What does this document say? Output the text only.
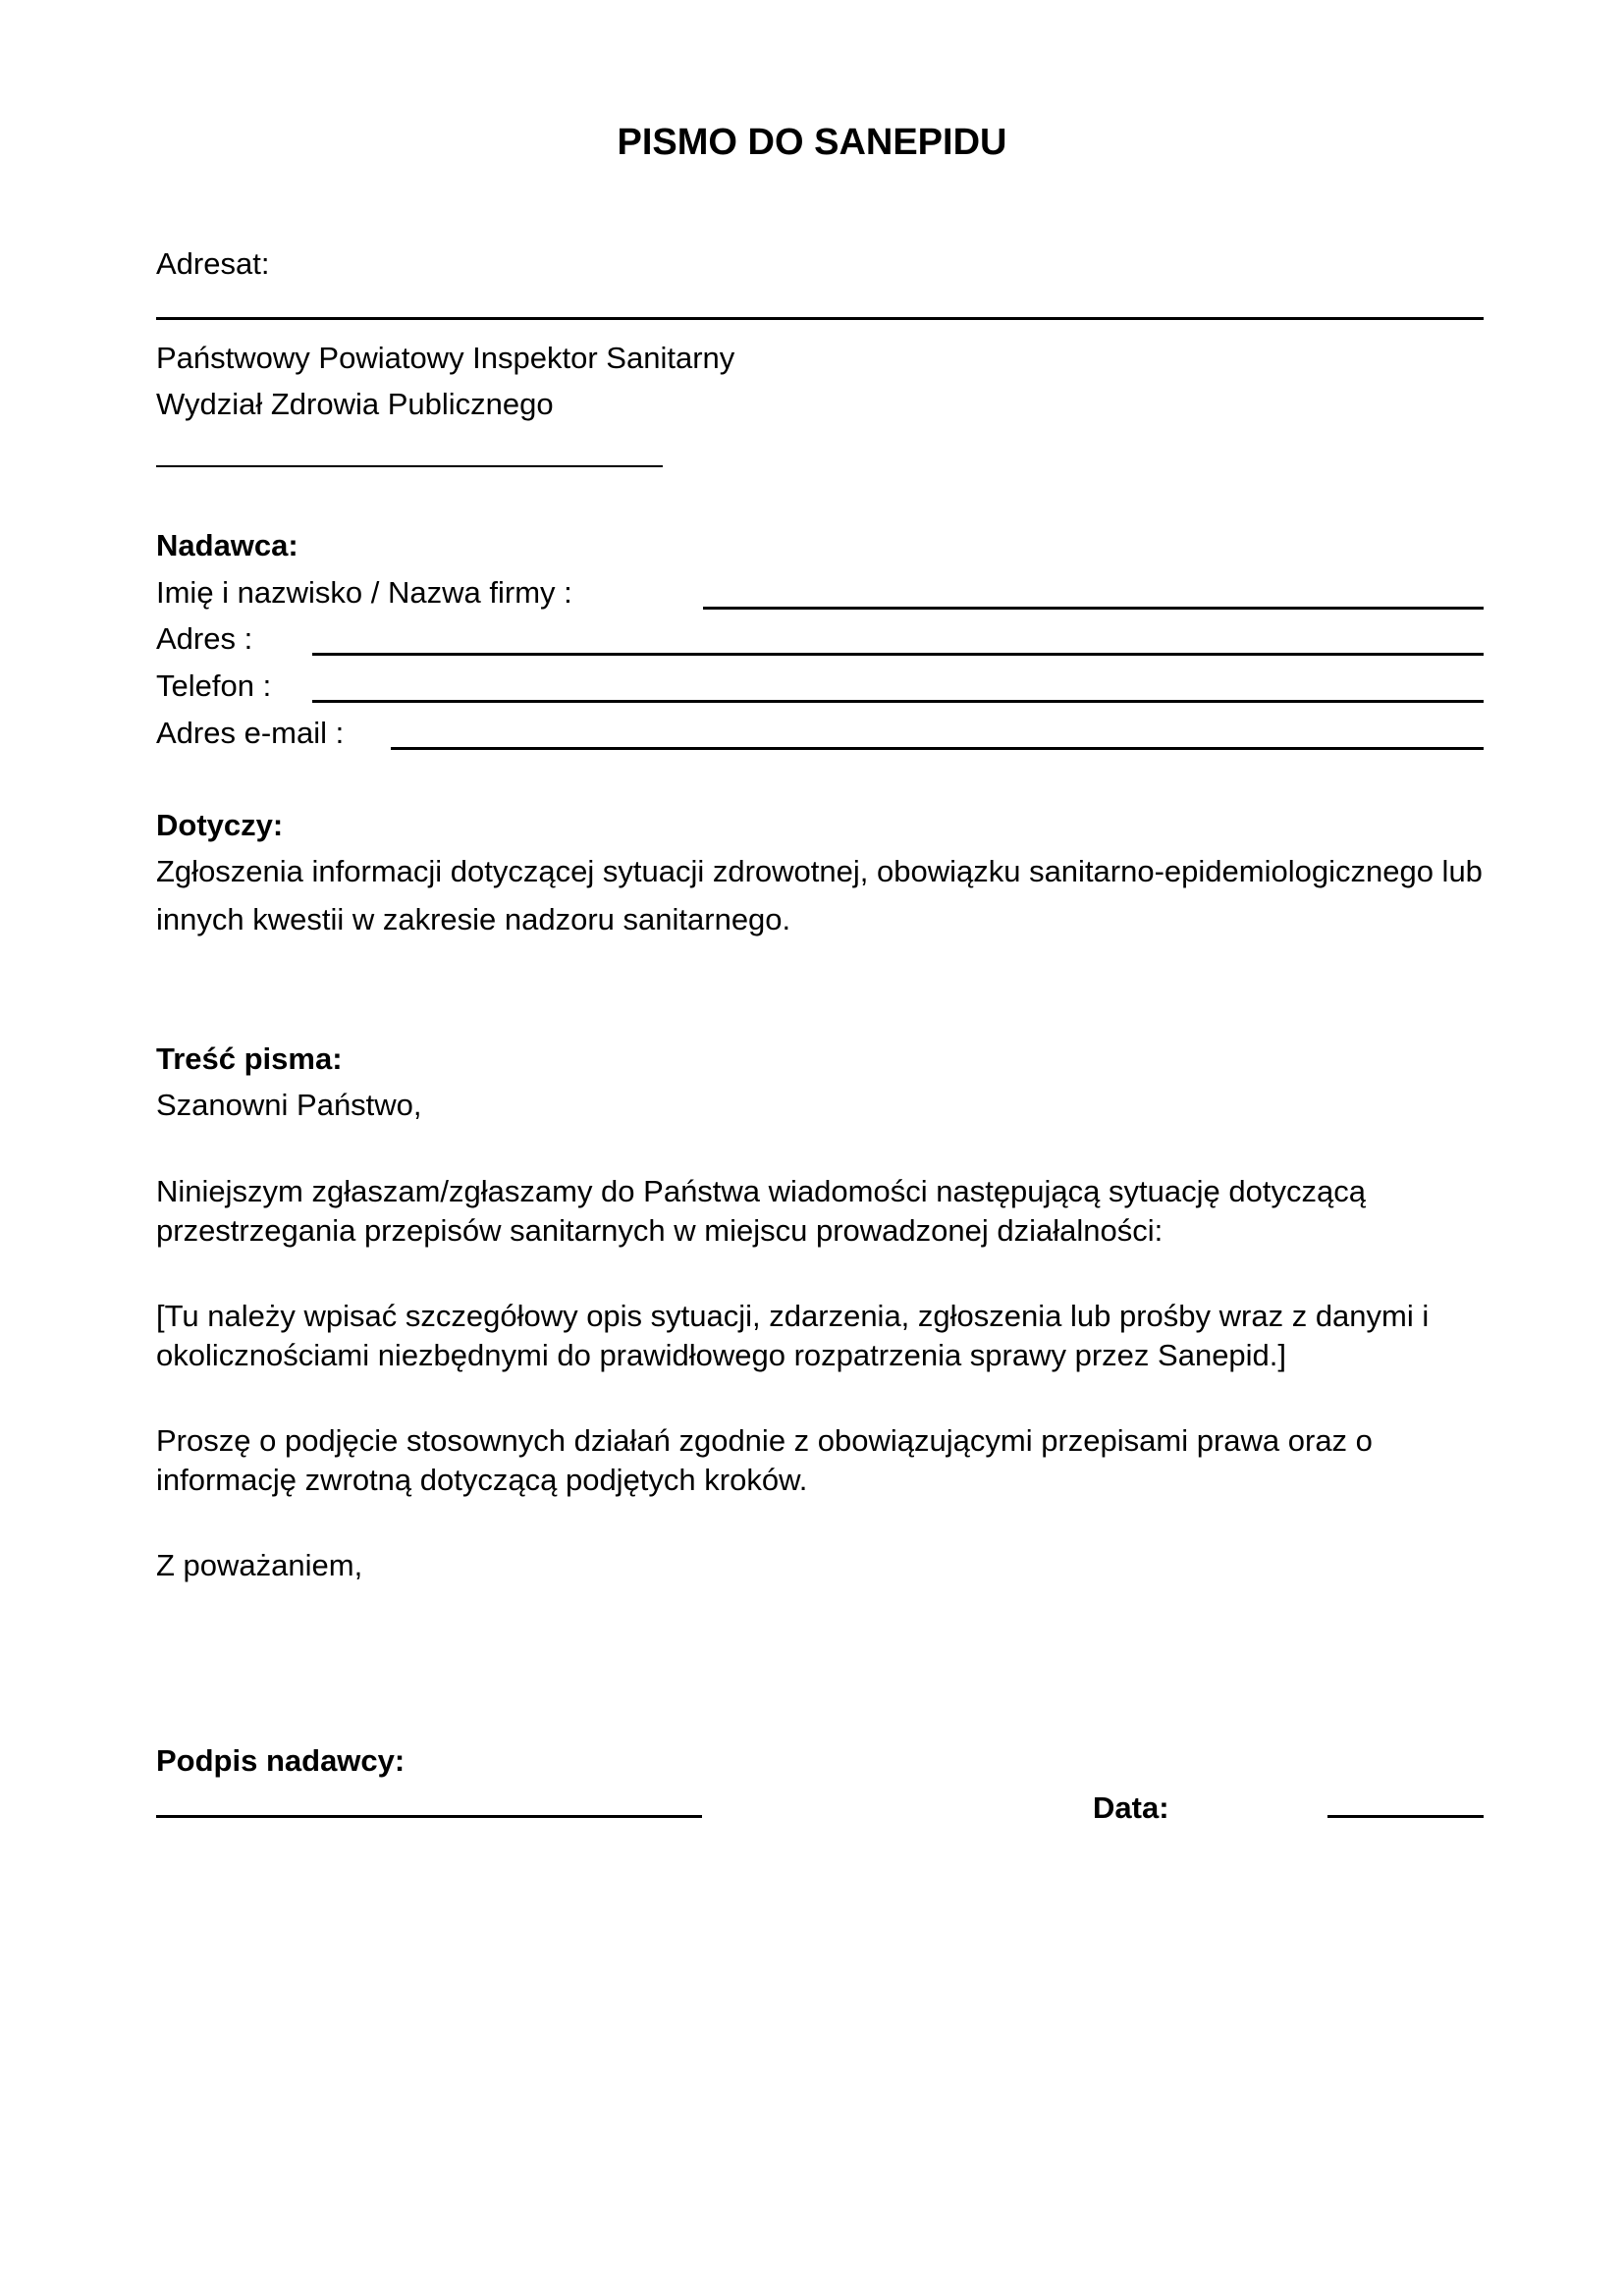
PISMO DO SANEPIDU
Adresat:
Państwowy Powiatowy Inspektor Sanitarny
Wydział Zdrowia Publicznego
Nadawca:
Imię i nazwisko / Nazwa firmy :
Adres :
Telefon :
Adres e-mail :
Dotyczy:
Zgłoszenia informacji dotyczącej sytuacji zdrowotnej, obowiązku sanitarno-epidemiologicznego lub
innych kwestii w zakresie nadzoru sanitarnego.
Treść pisma:
Szanowni Państwo,
Niniejszym zgłaszam/zgłaszamy do Państwa wiadomości następującą sytuację dotyczącą
przestrzegania przepisów sanitarnych w miejscu prowadzonej działalności:
[Tu należy wpisać szczegółowy opis sytuacji, zdarzenia, zgłoszenia lub prośby wraz z danymi i
okolicznościami niezbędnymi do prawidłowego rozpatrzenia sprawy przez Sanepid.]
Proszę o podjęcie stosownych działań zgodnie z obowiązującymi przepisami prawa oraz o
informację zwrotną dotyczącą podjętych kroków.
Z poważaniem,
Podpis nadawcy:
Data:
